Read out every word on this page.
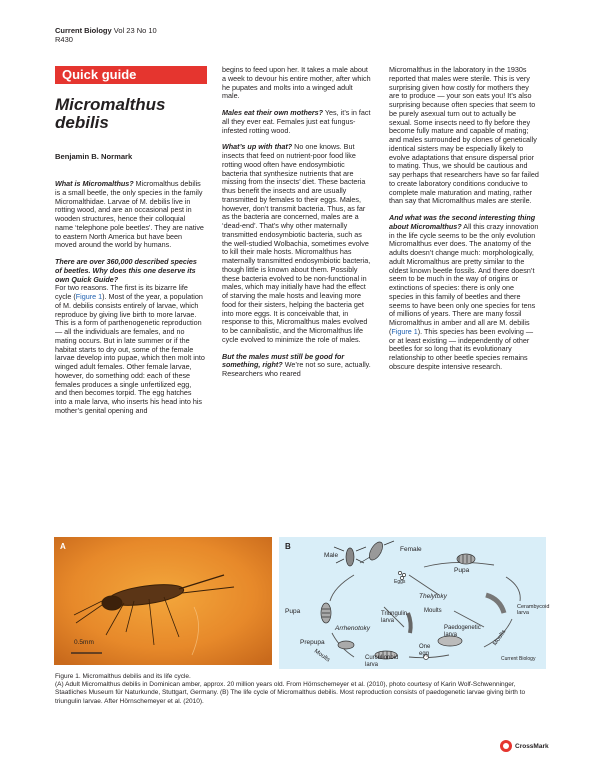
Current Biology Vol 23 No 10
R430
Quick guide
Micromalthus
debilis
Benjamin B. Normark

What is Micromalthus? Micromalthus debilis is a small beetle, the only species in the family Micromalthidae. Larvae of M. debilis live in rotting wood, and are an occasional pest in wooden structures, hence their colloquial name ‘telephone pole beetles’. They are native to eastern North America but have been moved around the world by humans.

There are over 360,000 described species of beetles. Why does this one deserve its own Quick Guide?
For two reasons. The first is its bizarre life cycle (Figure 1). Most of the year, a population of M. debilis consists entirely of larvae, which reproduce by giving live birth to more larvae. This is a form of parthenogenetic reproduction — all the individuals are females, and no mating occurs. But in late summer or if the habitat starts to dry out, some of the female larvae develop into pupae, which then molt into winged adult females. Other female larvae, however, do something odd: each of these females produces a single unfertilized egg, and then becomes torpid. The egg hatches into a male larva, who inserts his head into his mother’s genital opening and

begins to feed upon her. It takes a male about a week to devour his entire mother, after which he pupates and molts into a winged adult male.

Males eat their own mothers? Yes, it’s in fact all they ever eat. Females just eat fungus-infested rotting wood.

What’s up with that? No one knows. But insects that feed on nutrient-poor food like rotting wood often have endosymbiotic bacteria that synthesize nutrients that are missing from the insects’ diet. These bacteria thus benefit the insects and are usually transmitted by females to their eggs. Males, however, don’t transmit bacteria. Thus, as far as the bacteria are concerned, males are a ‘dead-end’. That’s why other maternally transmitted endosymbiotic bacteria, such as the well-studied Wolbachia, sometimes evolve to kill their male hosts. Micromalthus has maternally transmitted endosymbiotic bacteria, though little is known about them. Possibly these bacteria evolved to be non-functional in males, which may initially have had the effect of starving the male hosts and leaving more food for their sisters, helping the bacteria get into more eggs. It is conceivable that, in response to this, Micromalthus males evolved to be cannibalistic, and the Micromalthus life cycle evolved to minimize the role of males.

But the males must still be good for something, right? We’re not so sure, actually. Researchers who reared

Micromalthus in the laboratory in the 1930s reported that males were sterile. This is very surprising given how costly for mothers they are to produce — your son eats you! It’s also surprising because often species that seem to be purely asexual turn out to actually be sexual. Some insects need to fly before they become fully mature and capable of mating; and males surrounded by clones of genetically identical sisters may be especially likely to evolve adaptations that ensure dispersal prior to mating. Thus, we should be cautious and say perhaps that researchers have so far failed to create laboratory conditions conducive to complete male maturation and mating, rather than say that Micromalthus males are sterile.

And what was the second interesting thing about Micromalthus? All this crazy innovation in the life cycle seems to be the only evolution Micromalthus ever does. The anatomy of the adults doesn’t change much: morphologically, adult Micromalthus are pretty similar to the oldest known beetle fossils. And there doesn’t seem to be much in the way of origins or extinctions of species: there is only one species in this family of beetles and there seems to have been only one species for tens of millions of years. There are many fossil Micromalthus in amber and all are M. debilis (Figure 1). This species has been evolving — or at least existing — independently of other beetles for so long that its evolutionary relationship to other beetle species remains obscure despite intensive research.

A
0.5mm
B	Female
Male
Pupa
Eggs
Thelytoky
Moults
Cerambycoid larva
Arrhenotoky
Triungulin larva
Pupa
Prepupa
Moults	Curculionoid larva
One egg
Paedogenetic larva	Moults
Current Biology
Figure 1. Micromalthus debilis and its life cycle.
(A) Adult Micromalthus debilis in Dominican amber, approx. 20 million years old. From Hörnschemeyer et al. (2010), photo courtesy of Karin Wolf-Schwenninger, Staatliches Museum für Naturkunde, Stuttgart, Germany. (B) The life cycle of Micromalthus debilis. Most reproduction consists of paedogenetic larvae giving birth to triungulin larvae. After Hörnschemeyer et al. (2010).
CrossMark
